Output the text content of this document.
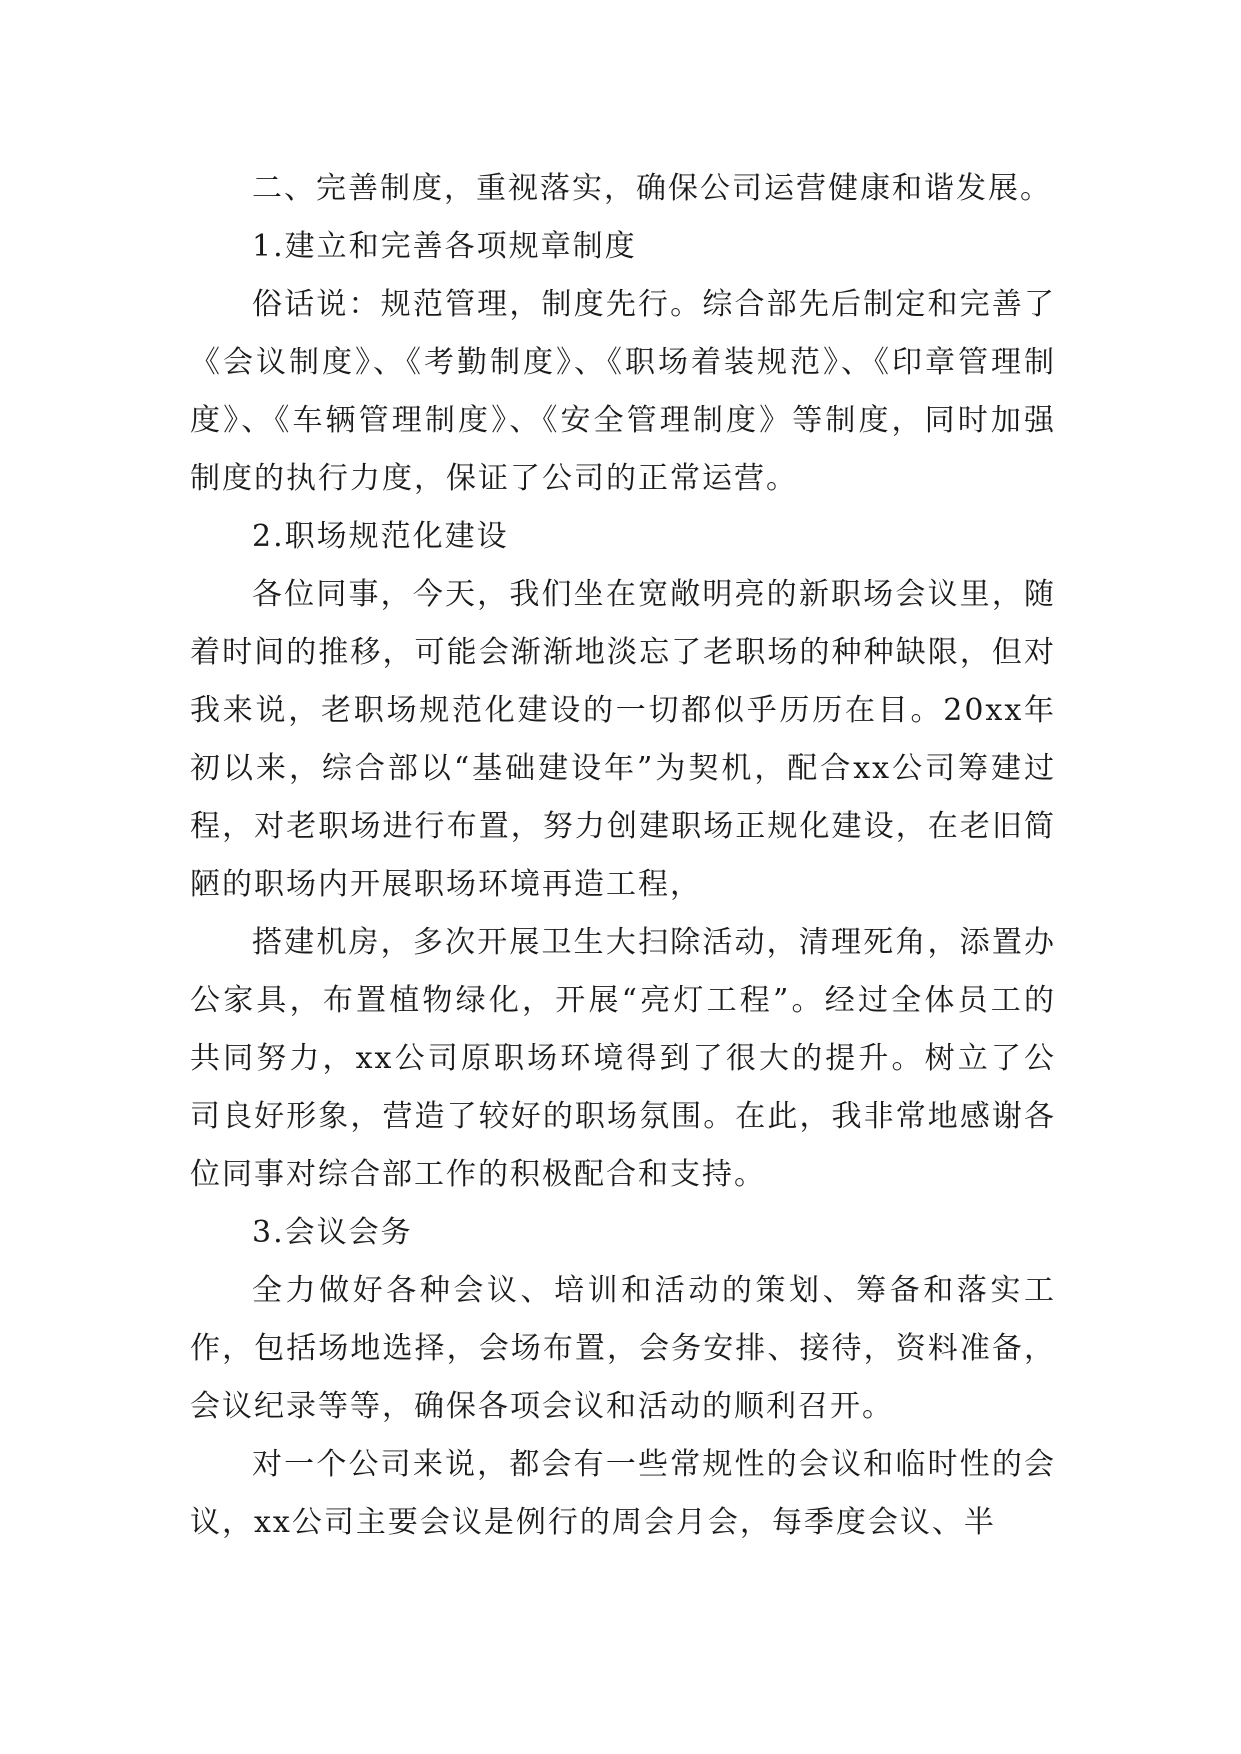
二、完善制度，重视落实，确保公司运营健康和谐发展。

1.建立和完善各项规章制度

俗话说：规范管理，制度先行。综合部先后制定和完善了《会议制度》、《考勤制度》、《职场着装规范》、《印章管理制度》、《车辆管理制度》、《安全管理制度》等制度，同时加强制度的执行力度，保证了公司的正常运营。

2.职场规范化建设

各位同事，今天，我们坐在宽敞明亮的新职场会议里，随着时间的推移，可能会渐渐地淡忘了老职场的种种缺限，但对我来说，老职场规范化建设的一切都似乎历历在目。20xx年初以来，综合部以“基础建设年”为契机，配合xx公司筹建过程，对老职场进行布置，努力创建职场正规化建设，在老旧简陋的职场内开展职场环境再造工程，

搭建机房，多次开展卫生大扫除活动，清理死角，添置办公家具，布置植物绿化，开展“亮灯工程”。经过全体员工的共同努力，xx公司原职场环境得到了很大的提升。树立了公司良好形象，营造了较好的职场氛围。在此，我非常地感谢各位同事对综合部工作的积极配合和支持。

3.会议会务

全力做好各种会议、培训和活动的策划、筹备和落实工作，包括场地选择，会场布置，会务安排、接待，资料准备，会议纪录等等，确保各项会议和活动的顺利召开。

对一个公司来说，都会有一些常规性的会议和临时性的会议，xx公司主要会议是例行的周会月会，每季度会议、半
